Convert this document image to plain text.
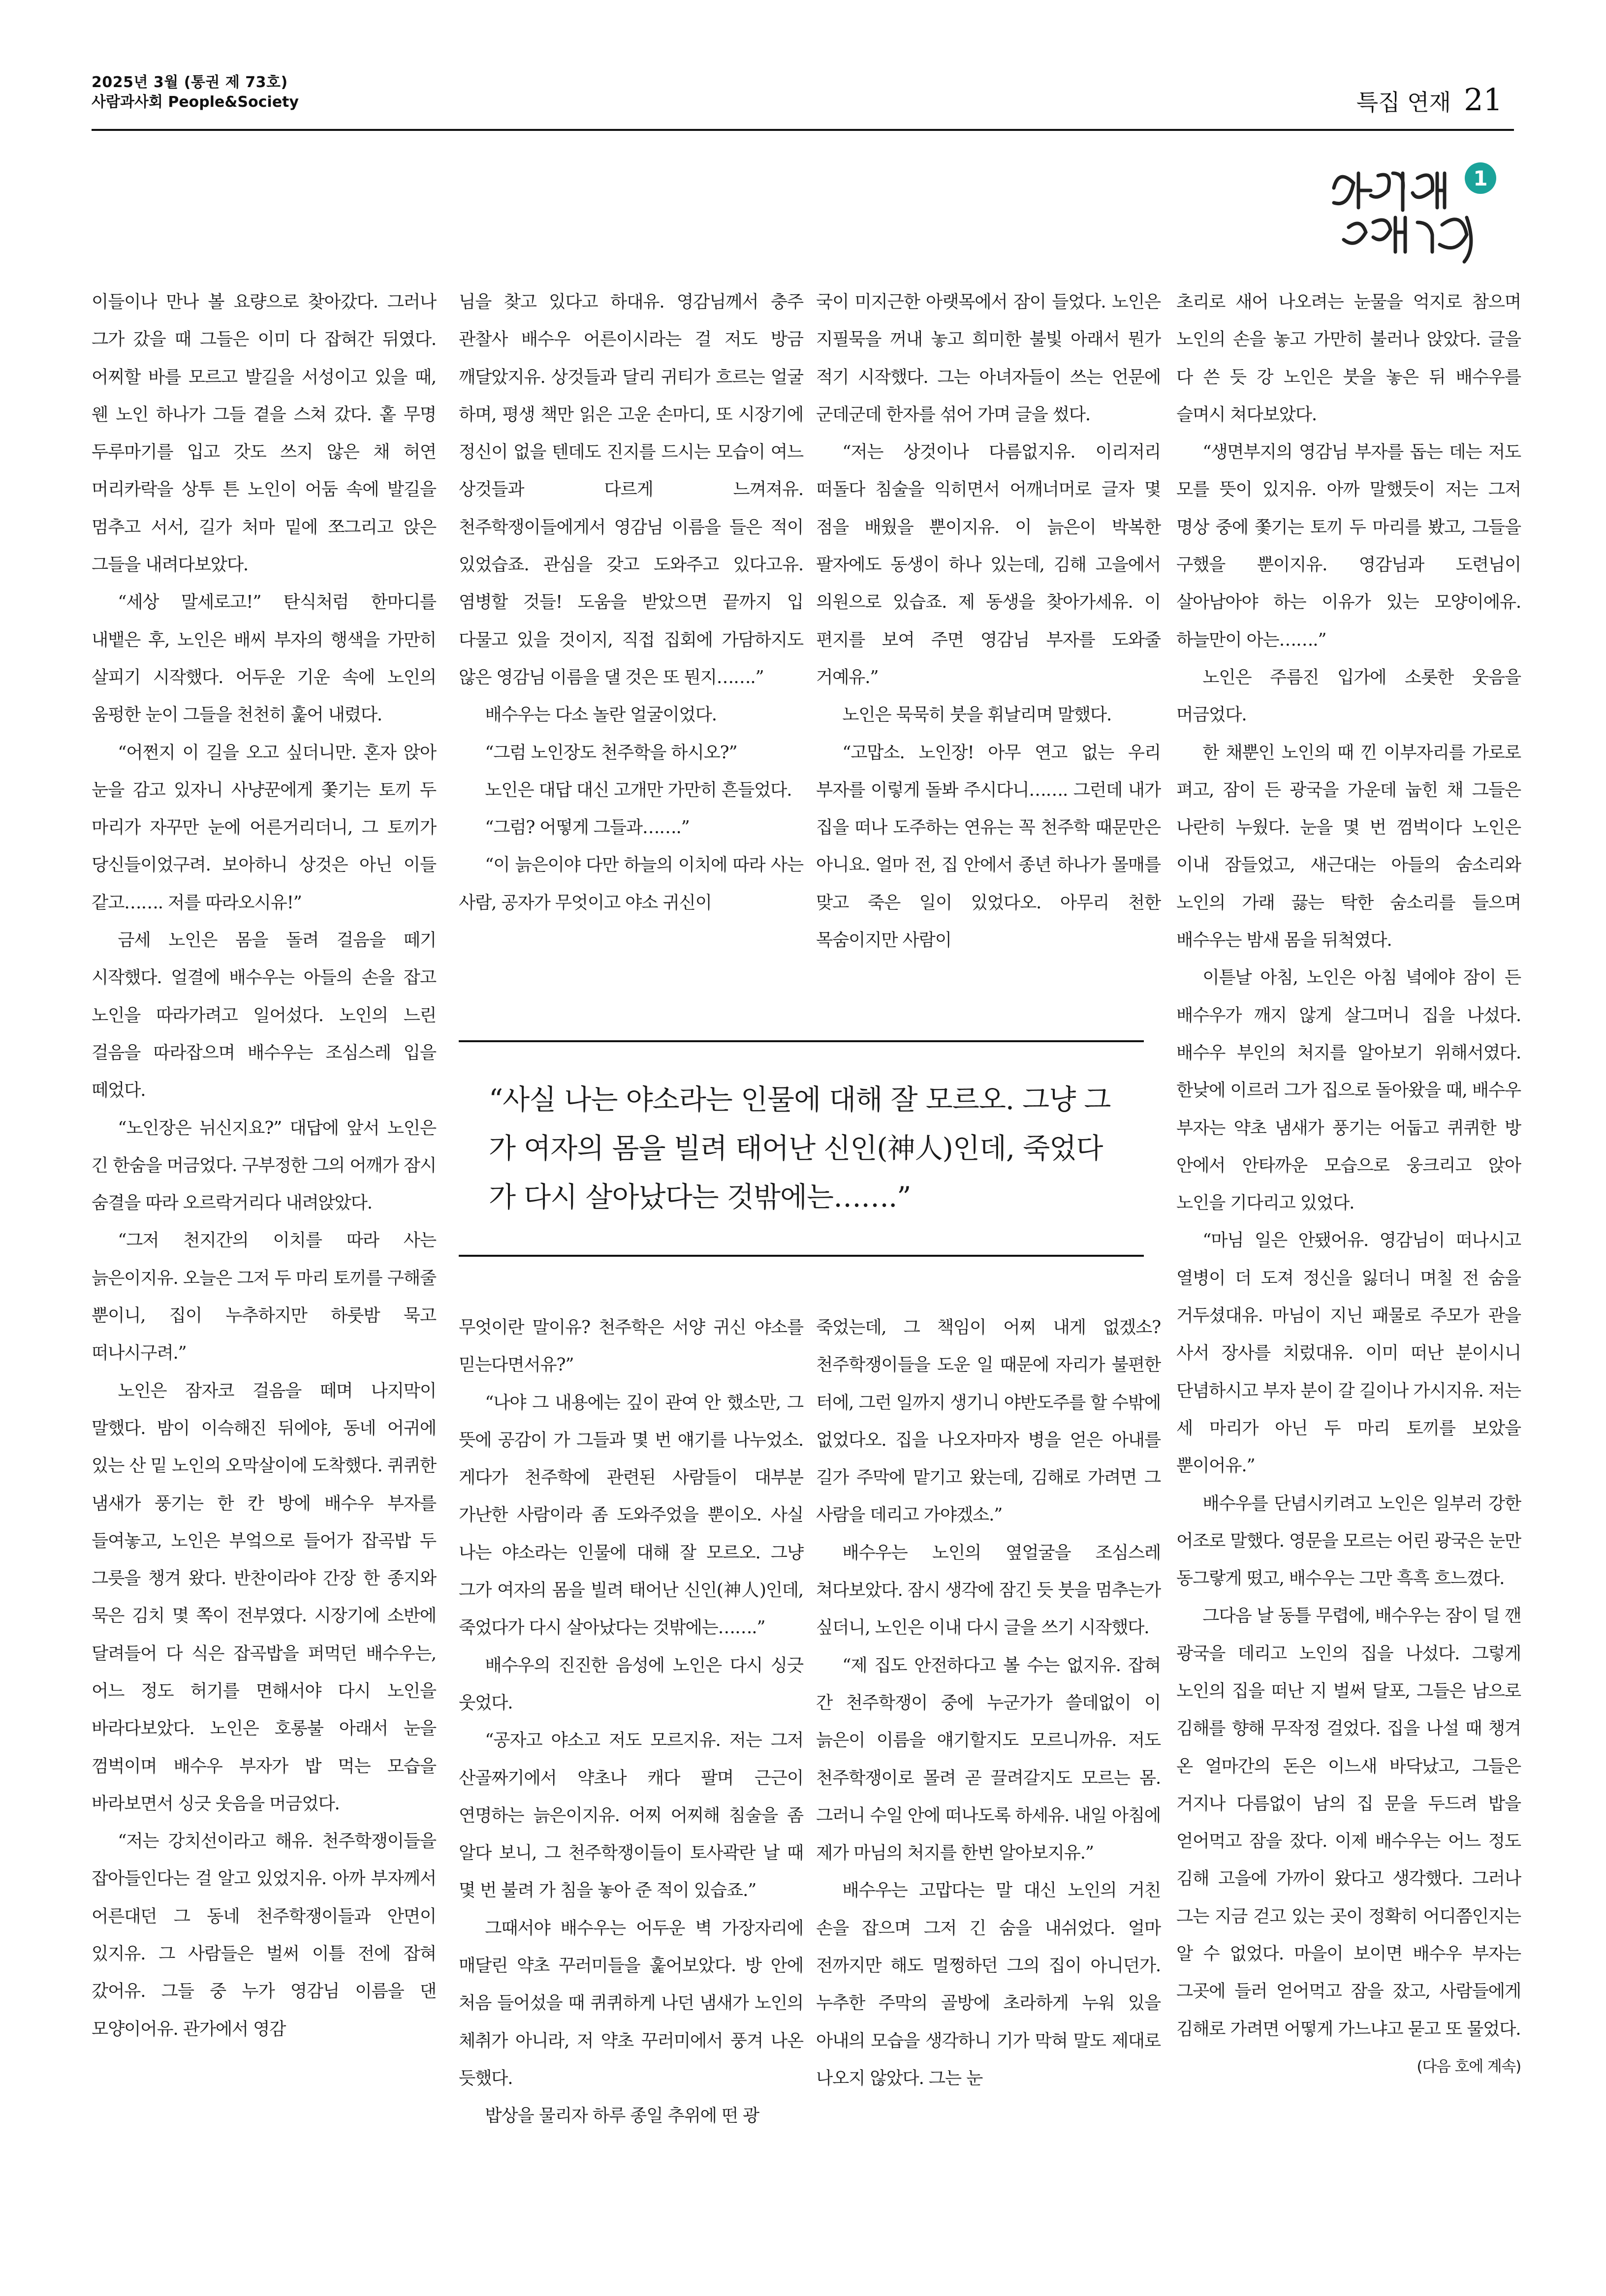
2025년 3월 (통권 제 73호)
사람과사회 People&Society	특집 연재 21
1

이들이나 만나 볼 요량으로 찾아갔다. 그러나 그가 갔을 때 그들은 이미 다 잡혀간 뒤였다. 어찌할 바를 모르고 발길을 서성이고 있을 때, 웬 노인 하나가 그들 곁을 스쳐 갔다. 홑 무명 두루마기를 입고 갓도 쓰지 않은 채 허연 머리카락을 상투 튼 노인이 어둠 속에 발길을 멈추고 서서, 길가 처마 밑에 쪼그리고 앉은 그들을 내려다보았다.

“세상 말세로고!” 탄식처럼 한마디를 내뱉은 후, 노인은 배씨 부자의 행색을 가만히 살피기 시작했다. 어두운 기운 속에 노인의 움펑한 눈이 그들을 천천히 훑어 내렸다.

“어쩐지 이 길을 오고 싶더니만. 혼자 앉아 눈을 감고 있자니 사냥꾼에게 쫓기는 토끼 두 마리가 자꾸만 눈에 어른거리더니, 그 토끼가 당신들이었구려. 보아하니 상것은 아닌 이들 같고……. 저를 따라오시유!”

금세 노인은 몸을 돌려 걸음을 떼기 시작했다. 얼결에 배수우는 아들의 손을 잡고 노인을 따라가려고 일어섰다. 노인의 느린 걸음을 따라잡으며 배수우는 조심스레 입을 떼었다.

“노인장은 뉘신지요?” 대답에 앞서 노인은 긴 한숨을 머금었다. 구부정한 그의 어깨가 잠시 숨결을 따라 오르락거리다 내려앉았다.

“그저 천지간의 이치를 따라 사는 늙은이지유. 오늘은 그저 두 마리 토끼를 구해줄 뿐이니, 집이 누추하지만 하룻밤 묵고 떠나시구려.”

노인은 잠자코 걸음을 떼며 나지막이 말했다. 밤이 이슥해진 뒤에야, 동네 어귀에 있는 산 밑 노인의 오막살이에 도착했다. 퀴퀴한 냄새가 풍기는 한 칸 방에 배수우 부자를 들여놓고, 노인은 부엌으로 들어가 잡곡밥 두 그릇을 챙겨 왔다. 반찬이라야 간장 한 종지와 묵은 김치 몇 쪽이 전부였다. 시장기에 소반에 달려들어 다 식은 잡곡밥을 퍼먹던 배수우는, 어느 정도 허기를 면해서야 다시 노인을 바라다보았다. 노인은 호롱불 아래서 눈을 껌벅이며 배수우 부자가 밥 먹는 모습을 바라보면서 싱긋 웃음을 머금었다.

“저는 강치선이라고 해유. 천주학쟁이들을 잡아들인다는 걸 알고 있었지유. 아까 부자께서 어른대던 그 동네 천주학쟁이들과 안면이 있지유. 그 사람들은 벌써 이틀 전에 잡혀 갔어유. 그들 중 누가 영감님 이름을 댄 모양이어유. 관가에서 영감

님을 찾고 있다고 하대유. 영감님께서 충주 관찰사 배수우 어른이시라는 걸 저도 방금 깨달았지유. 상것들과 달리 귀티가 흐르는 얼굴 하며, 평생 책만 읽은 고운 손마디, 또 시장기에 정신이 없을 텐데도 진지를 드시는 모습이 여느 상것들과 다르게 느껴져유. 천주학쟁이들에게서 영감님 이름을 들은 적이 있었습죠. 관심을 갖고 도와주고 있다고유. 염병할 것들! 도움을 받았으면 끝까지 입 다물고 있을 것이지, 직접 집회에 가담하지도 않은 영감님 이름을 댈 것은 또 뭔지…….”

배수우는 다소 놀란 얼굴이었다.

“그럼 노인장도 천주학을 하시오?”

노인은 대답 대신 고개만 가만히 흔들었다.

“그럼? 어떻게 그들과…….”

“이 늙은이야 다만 하늘의 이치에 따라 사는 사람, 공자가 무엇이고 야소 귀신이

국이 미지근한 아랫목에서 잠이 들었다. 노인은 지필묵을 꺼내 놓고 희미한 불빛 아래서 뭔가 적기 시작했다. 그는 아녀자들이 쓰는 언문에 군데군데 한자를 섞어 가며 글을 썼다.

“저는 상것이나 다름없지유. 이리저리 떠돌다 침술을 익히면서 어깨너머로 글자 몇 점을 배웠을 뿐이지유. 이 늙은이 박복한 팔자에도 동생이 하나 있는데, 김해 고을에서 의원으로 있습죠. 제 동생을 찾아가세유. 이 편지를 보여 주면 영감님 부자를 도와줄 거예유.”

노인은 묵묵히 붓을 휘날리며 말했다.

“고맙소. 노인장! 아무 연고 없는 우리 부자를 이렇게 돌봐 주시다니……. 그런데 내가 집을 떠나 도주하는 연유는 꼭 천주학 때문만은 아니요. 얼마 전, 집 안에서 종년 하나가 몰매를 맞고 죽은 일이 있었다오. 아무리 천한 목숨이지만 사람이

“사실 나는 야소라는 인물에 대해 잘 모르오. 그냥 그가 여자의 몸을 빌려 태어난 신인(神人)인데, 죽었다가 다시 살아났다는 것밖에는…….”

무엇이란 말이유? 천주학은 서양 귀신 야소를 믿는다면서유?”

“나야 그 내용에는 깊이 관여 안 했소만, 그 뜻에 공감이 가 그들과 몇 번 얘기를 나누었소. 게다가 천주학에 관련된 사람들이 대부분 가난한 사람이라 좀 도와주었을 뿐이오. 사실 나는 야소라는 인물에 대해 잘 모르오. 그냥 그가 여자의 몸을 빌려 태어난 신인(神人)인데, 죽었다가 다시 살아났다는 것밖에는…….”

배수우의 진진한 음성에 노인은 다시 싱긋 웃었다.

“공자고 야소고 저도 모르지유. 저는 그저 산골짜기에서 약초나 캐다 팔며 근근이 연명하는 늙은이지유. 어찌 어찌해 침술을 좀 알다 보니, 그 천주학쟁이들이 토사곽란 날 때 몇 번 불려 가 침을 놓아 준 적이 있습죠.”

그때서야 배수우는 어두운 벽 가장자리에 매달린 약초 꾸러미들을 훑어보았다. 방 안에 처음 들어섰을 때 퀴퀴하게 나던 냄새가 노인의 체취가 아니라, 저 약초 꾸러미에서 풍겨 나온 듯했다.

밥상을 물리자 하루 종일 추위에 떤 광

죽었는데, 그 책임이 어찌 내게 없겠소? 천주학쟁이들을 도운 일 때문에 자리가 불편한 터에, 그런 일까지 생기니 야반도주를 할 수밖에 없었다오. 집을 나오자마자 병을 얻은 아내를 길가 주막에 맡기고 왔는데, 김해로 가려면 그 사람을 데리고 가야겠소.”

배수우는 노인의 옆얼굴을 조심스레 쳐다보았다. 잠시 생각에 잠긴 듯 붓을 멈추는가 싶더니, 노인은 이내 다시 글을 쓰기 시작했다.

“제 집도 안전하다고 볼 수는 없지유. 잡혀 간 천주학쟁이 중에 누군가가 쓸데없이 이 늙은이 이름을 얘기할지도 모르니까유. 저도 천주학쟁이로 몰려 곧 끌려갈지도 모르는 몸. 그러니 수일 안에 떠나도록 하세유. 내일 아침에 제가 마님의 처지를 한번 알아보지유.”

배수우는 고맙다는 말 대신 노인의 거친 손을 잡으며 그저 긴 숨을 내쉬었다. 얼마 전까지만 해도 멀쩡하던 그의 집이 아니던가. 누추한 주막의 골방에 초라하게 누워 있을 아내의 모습을 생각하니 기가 막혀 말도 제대로 나오지 않았다. 그는 눈

초리로 새어 나오려는 눈물을 억지로 참으며 노인의 손을 놓고 가만히 불러나 앉았다. 글을 다 쓴 듯 강 노인은 붓을 놓은 뒤 배수우를 슬며시 쳐다보았다.

“생면부지의 영감님 부자를 돕는 데는 저도 모를 뜻이 있지유. 아까 말했듯이 저는 그저 명상 중에 쫓기는 토끼 두 마리를 봤고, 그들을 구했을 뿐이지유. 영감님과 도련님이 살아남아야 하는 이유가 있는 모양이에유. 하늘만이 아는…….”

노인은 주름진 입가에 소롯한 웃음을 머금었다.

한 채뿐인 노인의 때 낀 이부자리를 가로로 펴고, 잠이 든 광국을 가운데 눕힌 채 그들은 나란히 누웠다. 눈을 몇 번 껌벅이다 노인은 이내 잠들었고, 새근대는 아들의 숨소리와 노인의 가래 끓는 탁한 숨소리를 들으며 배수우는 밤새 몸을 뒤척였다.

이튿날 아침, 노인은 아침 녘에야 잠이 든 배수우가 깨지 않게 살그머니 집을 나섰다. 배수우 부인의 처지를 알아보기 위해서였다. 한낮에 이르러 그가 집으로 돌아왔을 때, 배수우 부자는 약초 냄새가 풍기는 어둡고 퀴퀴한 방 안에서 안타까운 모습으로 웅크리고 앉아 노인을 기다리고 있었다.

“마님 일은 안됐어유. 영감님이 떠나시고 열병이 더 도져 정신을 잃더니 며칠 전 숨을 거두셨대유. 마님이 지닌 패물로 주모가 관을 사서 장사를 치렀대유. 이미 떠난 분이시니 단념하시고 부자 분이 갈 길이나 가시지유. 저는 세 마리가 아닌 두 마리 토끼를 보았을 뿐이어유.”

배수우를 단념시키려고 노인은 일부러 강한 어조로 말했다. 영문을 모르는 어린 광국은 눈만 동그랗게 떴고, 배수우는 그만 흑흑 흐느꼈다.

그다음 날 동틀 무렵에, 배수우는 잠이 덜 깬 광국을 데리고 노인의 집을 나섰다. 그렇게 노인의 집을 떠난 지 벌써 달포, 그들은 남으로 김해를 향해 무작정 걸었다. 집을 나설 때 챙겨 온 얼마간의 돈은 이느새 바닥났고, 그들은 거지나 다름없이 남의 집 문을 두드려 밥을 얻어먹고 잠을 잤다. 이제 배수우는 어느 정도 김해 고을에 가까이 왔다고 생각했다. 그러나 그는 지금 걷고 있는 곳이 정확히 어디쯤인지는 알 수 없었다. 마을이 보이면 배수우 부자는 그곳에 들러 얻어먹고 잠을 잤고, 사람들에게 김해로 가려면 어떻게 가느냐고 묻고 또 물었다.

(다음 호에 계속)
